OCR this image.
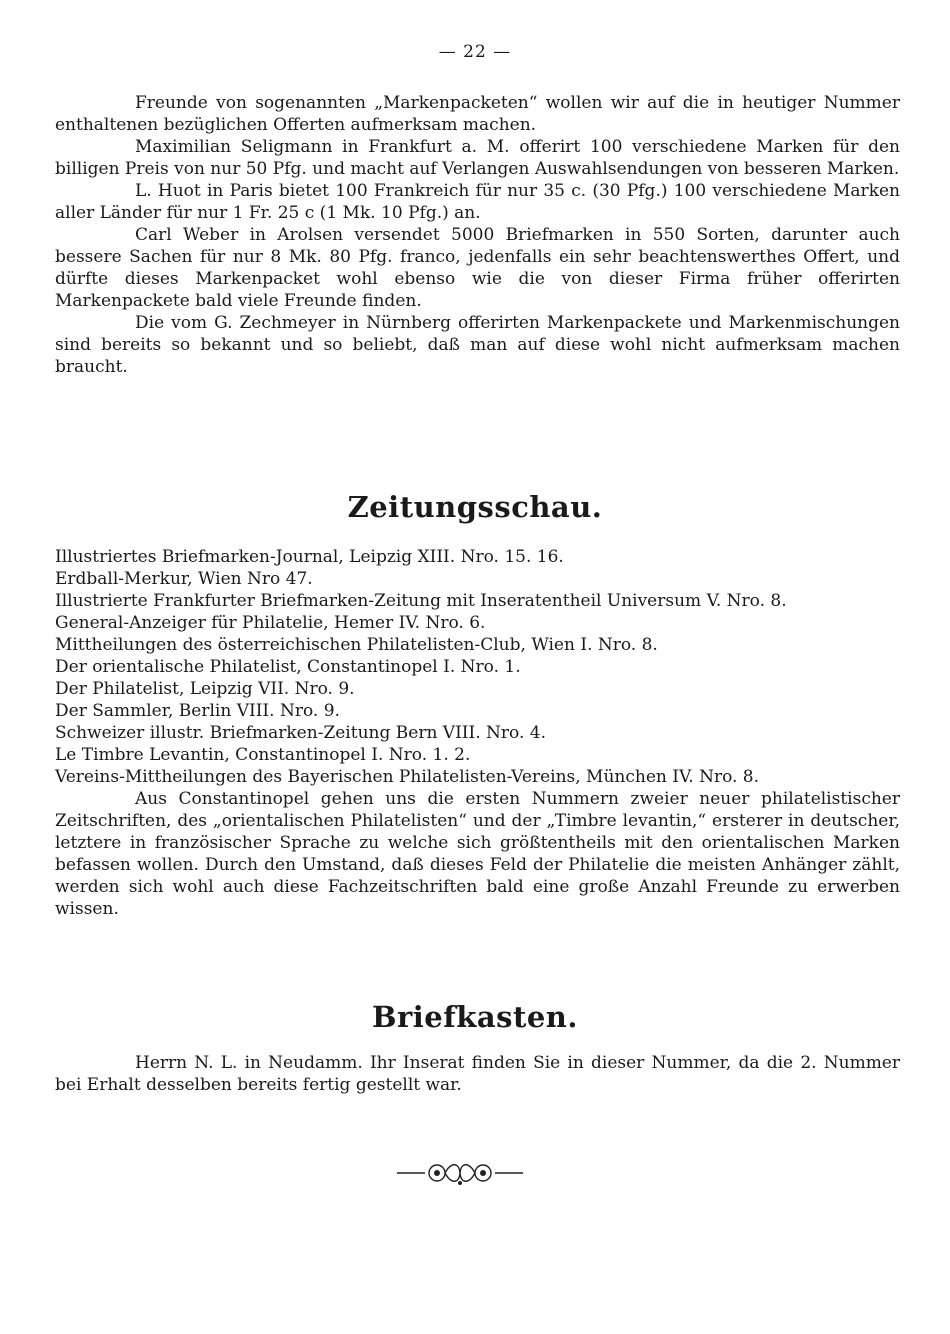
— 22 —

Freunde von sogenannten „Markenpacketen“ wollen wir auf die in heutiger Nummer enthaltenen bezüglichen Offerten aufmerksam machen.

Maximilian Seligmann in Frankfurt a. M. offerirt 100 verschiedene Marken für den billigen Preis von nur 50 Pfg. und macht auf Verlangen Auswahlsendungen von besseren Marken.

L. Huot in Paris bietet 100 Frankreich für nur 35 c. (30 Pfg.) 100 verschiedene Marken aller Länder für nur 1 Fr. 25 c (1 Mk. 10 Pfg.) an.

Carl Weber in Arolsen versendet 5000 Briefmarken in 550 Sorten, darunter auch bessere Sachen für nur 8 Mk. 80 Pfg. franco, jedenfalls ein sehr beachtenswerthes Offert, und dürfte dieses Markenpacket wohl ebenso wie die von dieser Firma früher offerirten Markenpackete bald viele Freunde finden.

Die vom G. Zechmeyer in Nürnberg offerirten Markenpackete und Markenmischungen sind bereits so bekannt und so beliebt, daß man auf diese wohl nicht aufmerksam machen braucht.

Zeitungsschau.
Illustriertes Briefmarken-Journal, Leipzig XIII. Nro. 15. 16.
Erdball-Merkur, Wien Nro 47.
Illustrierte Frankfurter Briefmarken-Zeitung mit Inseratentheil Universum V. Nro. 8.
General-Anzeiger für Philatelie, Hemer IV. Nro. 6.
Mittheilungen des österreichischen Philatelisten-Club, Wien I. Nro. 8.
Der orientalische Philatelist, Constantinopel I. Nro. 1.
Der Philatelist, Leipzig VII. Nro. 9.
Der Sammler, Berlin VIII. Nro. 9.
Schweizer illustr. Briefmarken-Zeitung Bern VIII. Nro. 4.
Le Timbre Levantin, Constantinopel I. Nro. 1. 2.
Vereins-Mittheilungen des Bayerischen Philatelisten-Vereins, München IV. Nro. 8.

Aus Constantinopel gehen uns die ersten Nummern zweier neuer philatelistischer Zeitschriften, des „orientalischen Philatelisten“ und der „Timbre levantin,“ ersterer in deutscher, letztere in französischer Sprache zu welche sich größtentheils mit den orientalischen Marken befassen wollen. Durch den Umstand, daß dieses Feld der Philatelie die meisten Anhänger zählt, werden sich wohl auch diese Fachzeitschriften bald eine große Anzahl Freunde zu erwerben wissen.

Briefkasten.

Herrn N. L. in Neudamm. Ihr Inserat finden Sie in dieser Nummer, da die 2. Nummer bei Erhalt desselben bereits fertig gestellt war.
